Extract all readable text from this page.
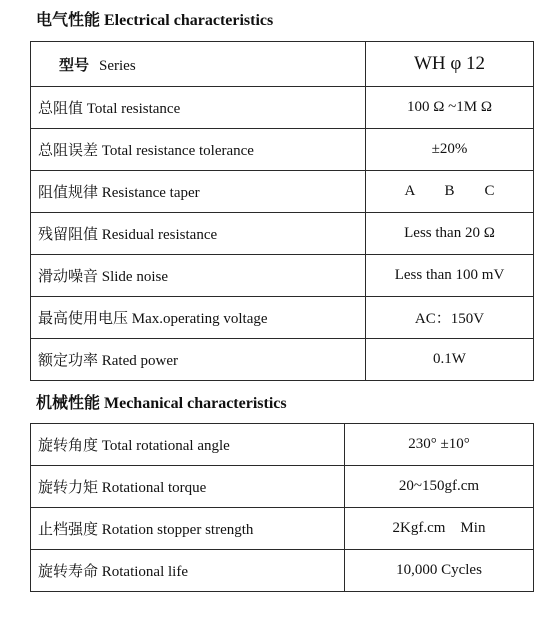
电气性能 Electrical characteristics
型号 Series	WH φ 12
总阻值 Total resistance	100 Ω ~1M Ω
总阻误差 Total resistance tolerance	±20%
阻值规律 Resistance taper	A        B        C
残留阻值 Residual resistance	Less than 20 Ω
滑动噪音 Slide noise	Less than 100 mV
最高使用电压 Max.operating voltage	AC：150V
额定功率 Rated power	0.1W
机械性能 Mechanical characteristics
旋转角度 Total rotational angle	230° ±10°
旋转力矩 Rotational torque	20~150gf.cm
止档强度 Rotation stopper strength	2Kgf.cm    Min
旋转寿命 Rotational life	10,000 Cycles
